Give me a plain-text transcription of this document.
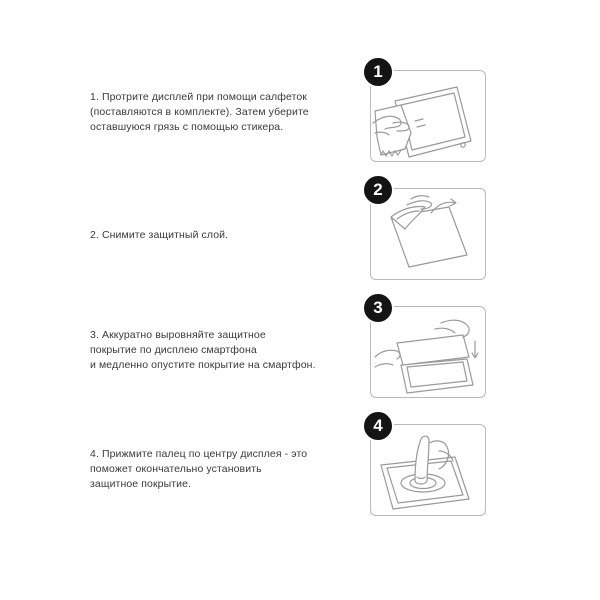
1. Протрите дисплей при помощи салфеток
(поставляются в комплекте). Затем уберите
оставшуюся грязь с помощью стикера.
1
2. Снимите защитный слой.
2
3. Аккуратно выровняйте защитное
покрытие по дисплею смартфона
и медленно опустите покрытие на смартфон.
3
4. Прижмите палец по центру дисплея - это
поможет окончательно установить
защитное покрытие.
4
